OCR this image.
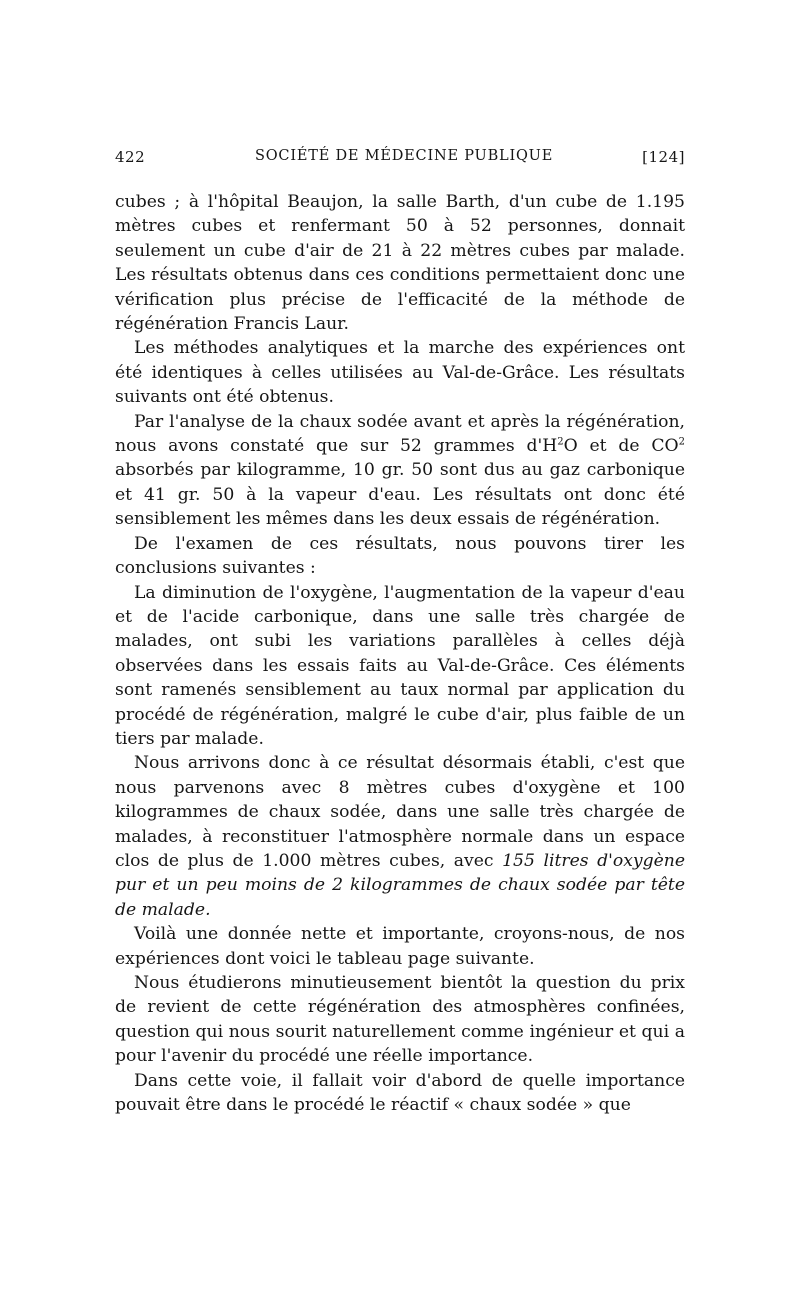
422	SOCIÉTÉ DE MÉDECINE PUBLIQUE	[124]

cubes ; à l'hôpital Beaujon, la salle Barth, d'un cube de 1.195 mètres cubes et renfermant 50 à 52 personnes, donnait seulement un cube d'air de 21 à 22 mètres cubes par malade. Les résultats obtenus dans ces conditions permettaient donc une vérification plus précise de l'efficacité de la méthode de régénération Francis Laur.

Les méthodes analytiques et la marche des expériences ont été identiques à celles utilisées au Val-de-Grâce. Les résultats suivants ont été obtenus.

Par l'analyse de la chaux sodée avant et après la régénération, nous avons constaté que sur 52 grammes $d'H^2O$ et de $CO^2$ absorbés par kilogramme, 10 gr. 50 sont dus au gaz carbonique et 41 gr. 50 à la vapeur d'eau. Les résultats ont donc été sensiblement les mêmes dans les deux essais de régénération.

De l'examen de ces résultats, nous pouvons tirer les conclusions suivantes :

La diminution de l'oxygène, l'augmentation de la vapeur d'eau et de l'acide carbonique, dans une salle très chargée de malades, ont subi les variations parallèles à celles déjà observées dans les essais faits au Val-de-Grâce. Ces éléments sont ramenés sensiblement au taux normal par application du procédé de régénération, malgré le cube d'air, plus faible de un tiers par malade.

Nous arrivons donc à ce résultat désormais établi, c'est que nous parvenons avec 8 mètres cubes d'oxygène et 100 kilogrammes de chaux sodée, dans une salle très chargée de malades, à reconstituer l'atmosphère normale dans un espace clos de plus de 1.000 mètres cubes, avec 155 litres d'oxygène pur et un peu moins de 2 kilogrammes de chaux sodée par tête de malade.

Voilà une donnée nette et importante, croyons-nous, de nos expériences dont voici le tableau page suivante.

Nous étudierons minutieusement bientôt la question du prix de revient de cette régénération des atmosphères confinées, question qui nous sourit naturellement comme ingénieur et qui a pour l'avenir du procédé une réelle importance.

Dans cette voie, il fallait voir d'abord de quelle importance pouvait être dans le procédé le réactif « chaux sodée » que
